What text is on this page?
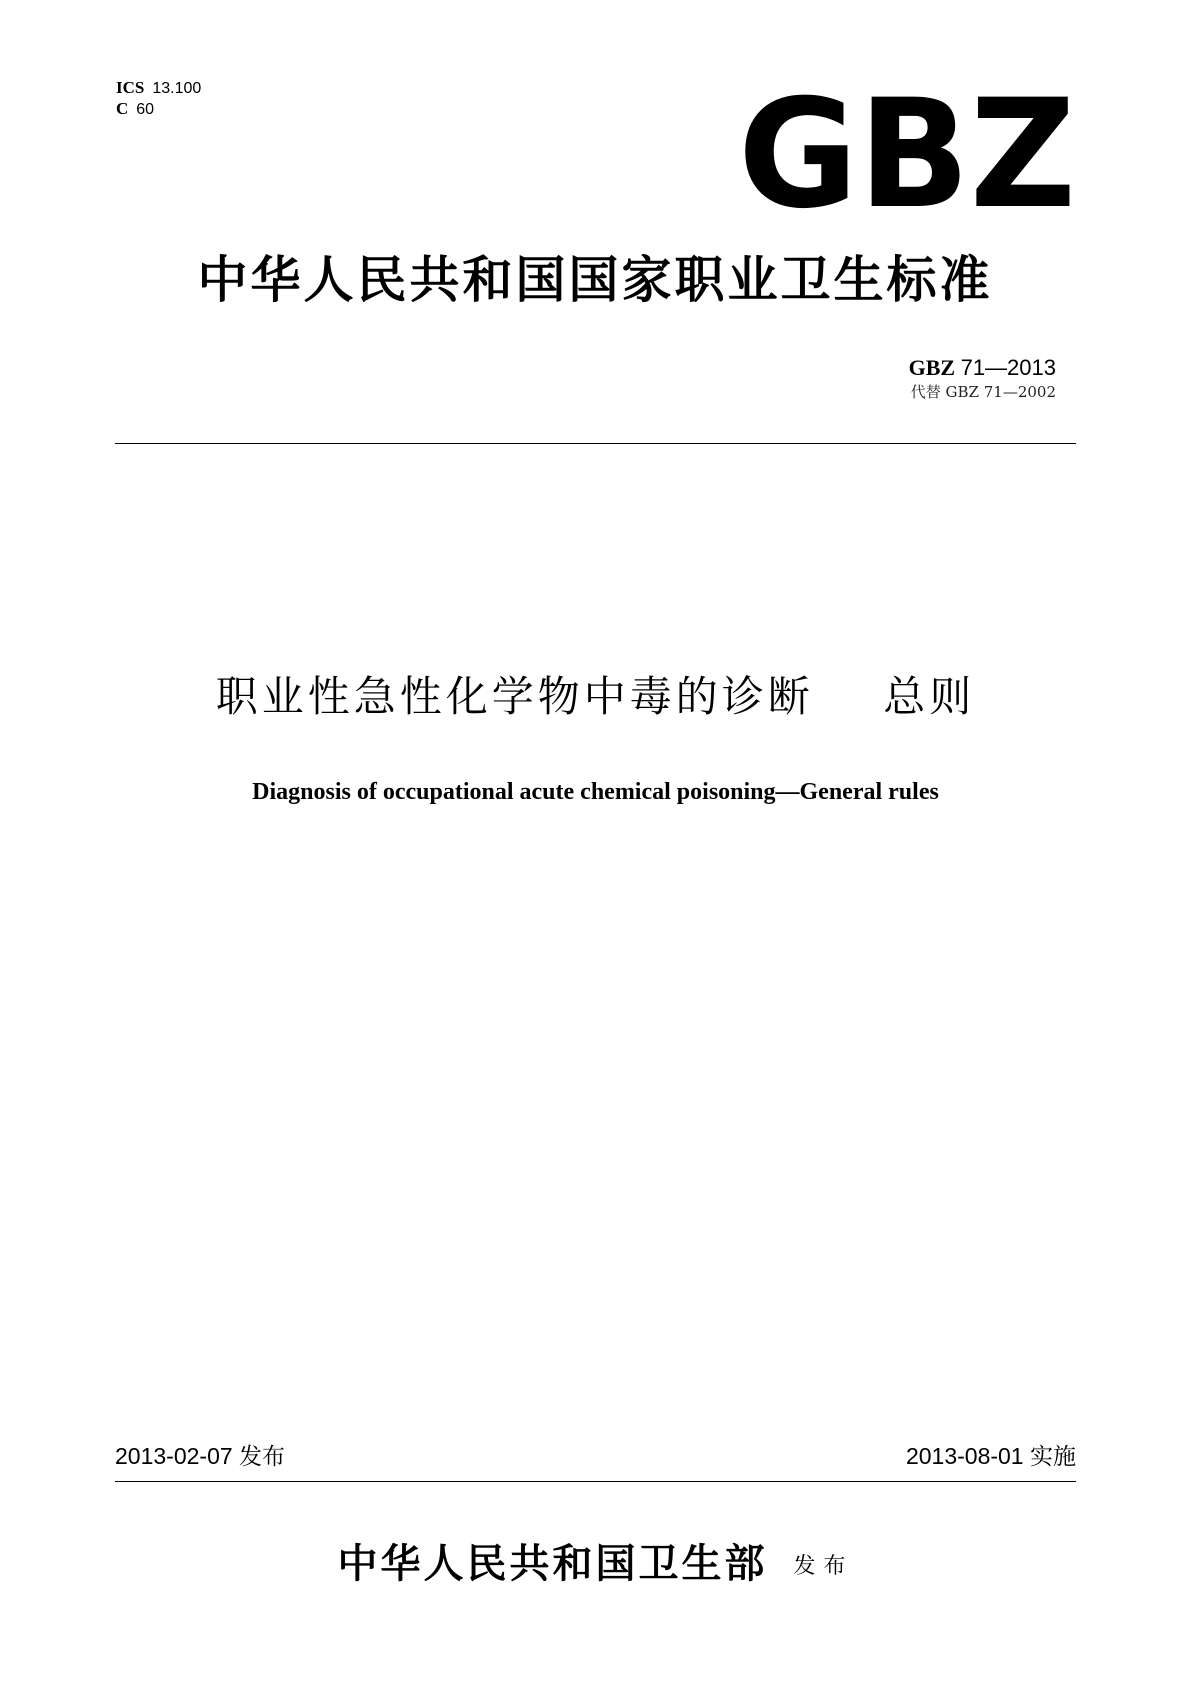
ICS 13.100
C 60	GBZ
中华人民共和国国家职业卫生标准
GBZ 71—2013
代替 GBZ 71—2002
职业性急性化学物中毒的诊断    总则
Diagnosis of occupational acute chemical poisoning—General rules
2013-02-07 发布	2013-08-01 实施
中华人民共和国卫生部 发布
